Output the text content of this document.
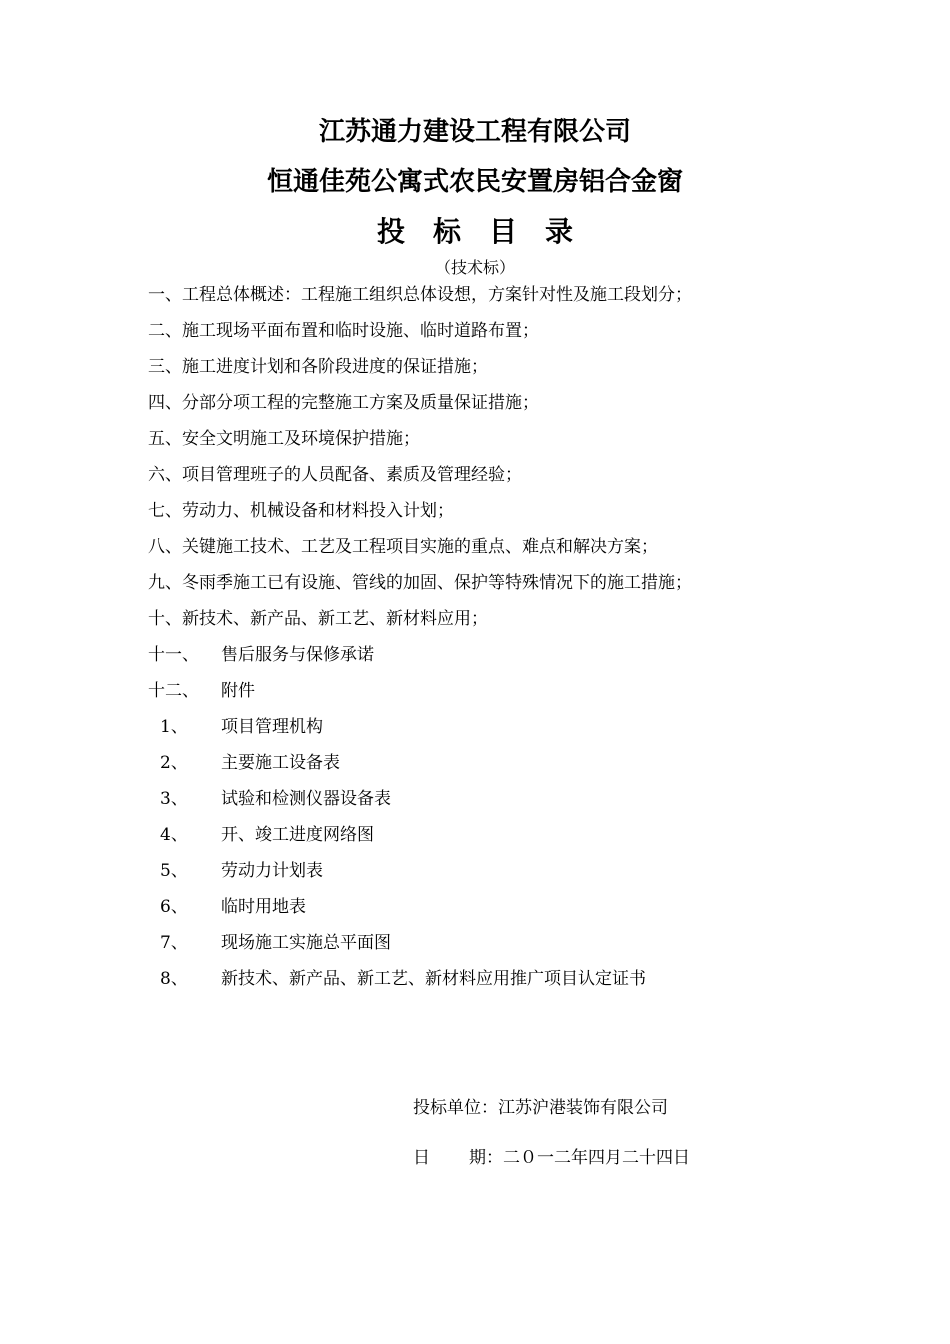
江苏通力建设工程有限公司
恒通佳苑公寓式农民安置房铝合金窗
投标目录
（技术标）
一、工程总体概述：工程施工组织总体设想，方案针对性及施工段划分；
二、施工现场平面布置和临时设施、临时道路布置；
三、施工进度计划和各阶段进度的保证措施；
四、分部分项工程的完整施工方案及质量保证措施；
五、安全文明施工及环境保护措施；
六、项目管理班子的人员配备、素质及管理经验；
七、劳动力、机械设备和材料投入计划；
八、关键施工技术、工艺及工程项目实施的重点、难点和解决方案；
九、冬雨季施工已有设施、管线的加固、保护等特殊情况下的施工措施；
十、新技术、新产品、新工艺、新材料应用；
十一、 售后服务与保修承诺
十二、 附件
1、 项目管理机构
2、 主要施工设备表
3、 试验和检测仪器设备表
4、 开、竣工进度网络图
5、 劳动力计划表
6、 临时用地表
7、 现场施工实施总平面图
8、 新技术、新产品、新工艺、新材料应用推广项目认定证书
投标单位：江苏沪港装饰有限公司
日 期：二０一二年四月二十四日
